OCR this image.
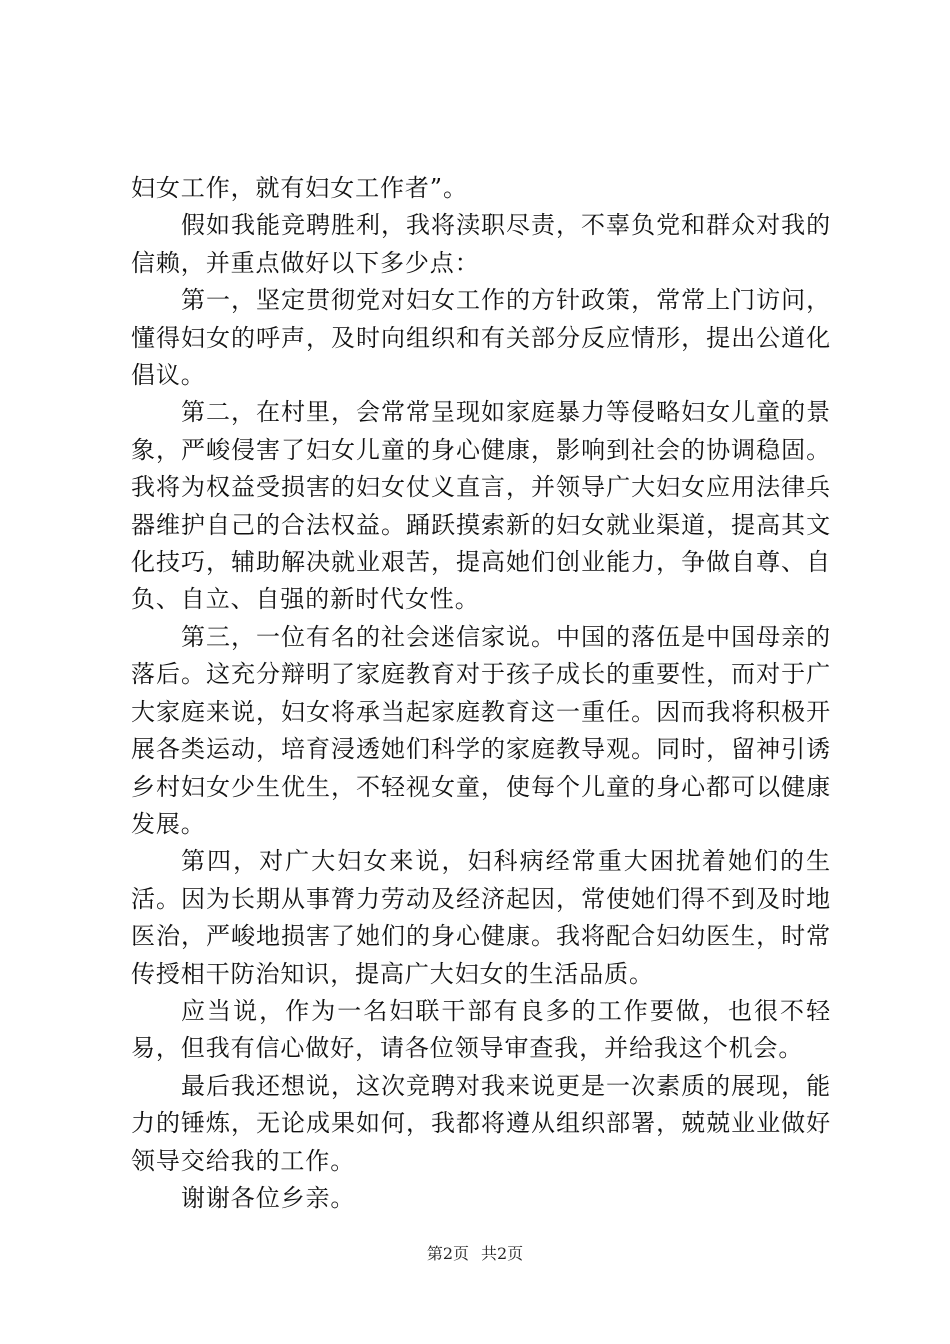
妇女工作，就有妇女工作者”。

假如我能竞聘胜利，我将渎职尽责，不辜负党和群众对我的信赖，并重点做好以下多少点：

第一，坚定贯彻党对妇女工作的方针政策，常常上门访问，懂得妇女的呼声，及时向组织和有关部分反应情形，提出公道化倡议。

第二，在村里，会常常呈现如家庭暴力等侵略妇女儿童的景象，严峻侵害了妇女儿童的身心健康，影响到社会的协调稳固。我将为权益受损害的妇女仗义直言，并领导广大妇女应用法律兵器维护自己的合法权益。踊跃摸索新的妇女就业渠道，提高其文化技巧，辅助解决就业艰苦，提高她们创业能力，争做自尊、自负、自立、自强的新时代女性。

第三，一位有名的社会迷信家说。中国的落伍是中国母亲的落后。这充分辩明了家庭教育对于孩子成长的重要性，而对于广大家庭来说，妇女将承当起家庭教育这一重任。因而我将积极开展各类运动，培育浸透她们科学的家庭教导观。同时，留神引诱乡村妇女少生优生，不轻视女童，使每个儿童的身心都可以健康发展。

第四，对广大妇女来说，妇科病经常重大困扰着她们的生活。因为长期从事膂力劳动及经济起因，常使她们得不到及时地医治，严峻地损害了她们的身心健康。我将配合妇幼医生，时常传授相干防治知识，提高广大妇女的生活品质。

应当说，作为一名妇联干部有良多的工作要做，也很不轻易，但我有信心做好，请各位领导审查我，并给我这个机会。

最后我还想说，这次竞聘对我来说更是一次素质的展现，能力的锤炼，无论成果如何，我都将遵从组织部署，兢兢业业做好领导交给我的工作。

谢谢各位乡亲。

第2页 共2页
